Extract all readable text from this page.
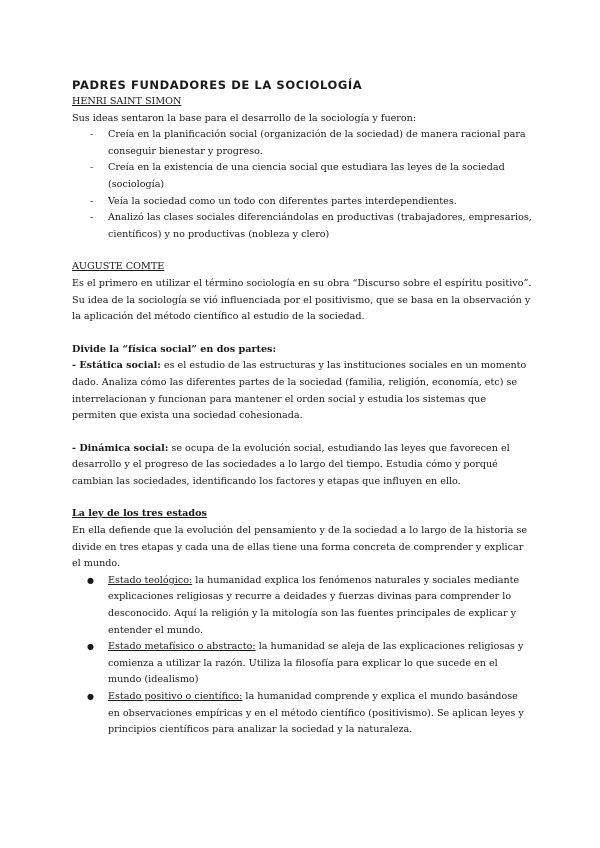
PADRES FUNDADORES DE LA SOCIOLOGÍA

HENRI SAINT SIMON

Sus ideas sentaron la base para el desarrollo de la sociología y fueron:

- Creía en la planificación social (organización de la sociedad) de manera racional para conseguir bienestar y progreso.
- Creía en la existencia de una ciencia social que estudiara las leyes de la sociedad (sociología)
- Veía la sociedad como un todo con diferentes partes interdependientes.
- Analizó las clases sociales diferenciándolas en productivas (trabajadores, empresarios, científicos) y no productivas (nobleza y clero)

AUGUSTE COMTE

Es el primero en utilizar el término sociología en su obra “Discurso sobre el espíritu positivo”.

Su idea de la sociología se vió influenciada por el positivismo, que se basa en la observación y la aplicación del método científico al estudio de la sociedad.

Divide la “física social” en dos partes:

- Estática social: es el estudio de las estructuras y las instituciones sociales en un momento dado. Analiza cómo las diferentes partes de la sociedad (familia, religión, economía, etc) se interrelacionan y funcionan para mantener el orden social y estudia los sistemas que permiten que exista una sociedad cohesionada.

- Dinámica social: se ocupa de la evolución social, estudiando las leyes que favorecen el desarrollo y el progreso de las sociedades a lo largo del tiempo. Estudia cómo y porqué cambian las sociedades, identificando los factores y etapas que influyen en ello.

La ley de los tres estados

En ella defiende que la evolución del pensamiento y de la sociedad a lo largo de la historia se divide en tres etapas y cada una de ellas tiene una forma concreta de comprender y explicar el mundo.

● Estado teológico: la humanidad explica los fenómenos naturales y sociales mediante explicaciones religiosas y recurre a deidades y fuerzas divinas para comprender lo desconocido. Aquí la religión y la mitología son las fuentes principales de explicar y entender el mundo.
● Estado metafísico o abstracto: la humanidad se aleja de las explicaciones religiosas y comienza a utilizar la razón. Utiliza la filosofía para explicar lo que sucede en el mundo (idealismo)
● Estado positivo o científico: la humanidad comprende y explica el mundo basándose en observaciones empíricas y en el método científico (positivismo). Se aplican leyes y principios científicos para analizar la sociedad y la naturaleza.
